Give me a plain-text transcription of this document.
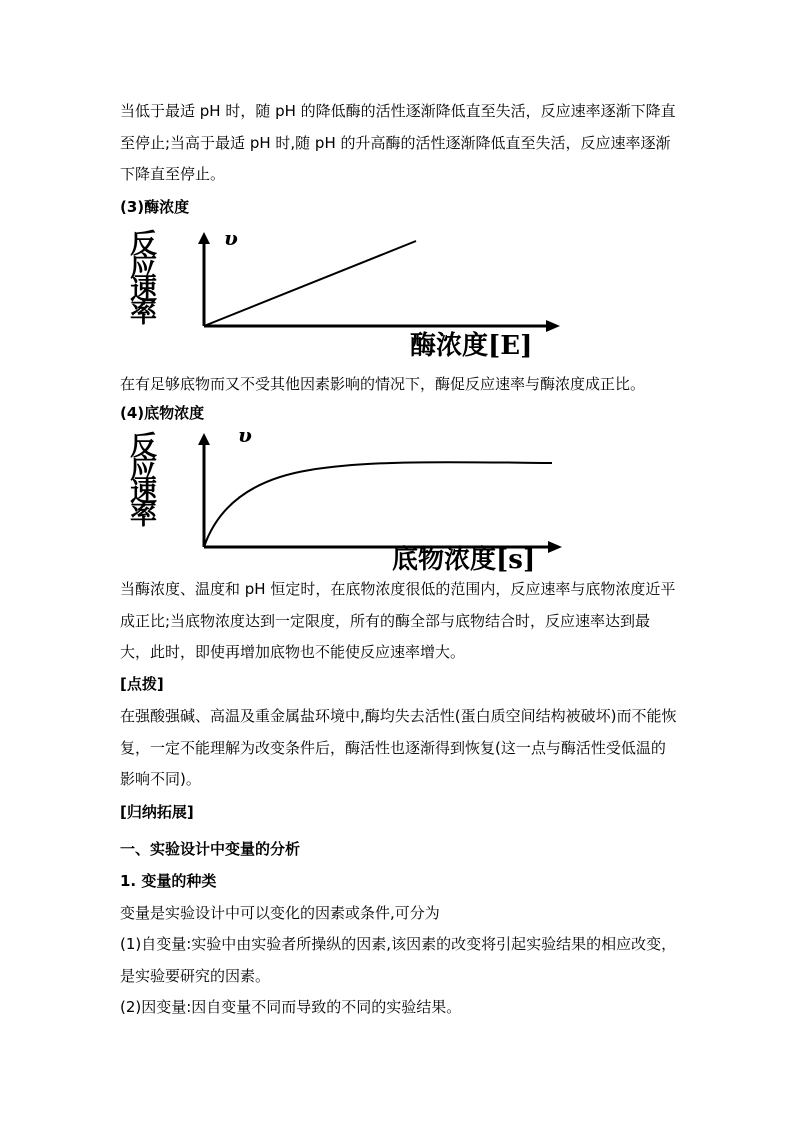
当低于最适 pH 时，随 pH 的降低酶的活性逐渐降低直至失活，反应速率逐渐下降直至停止;当高于最适 pH 时,随 pH 的升高酶的活性逐渐降低直至失活，反应速率逐渐下降直至停止。

(3)酶浓度

反
应
速
率
υ
酶浓度[E]

在有足够底物而又不受其他因素影响的情况下，酶促反应速率与酶浓度成正比。

(4)底物浓度

反
应
速
率
υ
底物浓度[s]

当酶浓度、温度和 pH 恒定时，在底物浓度很低的范围内，反应速率与底物浓度近平成正比;当底物浓度达到一定限度，所有的酶全部与底物结合时，反应速率达到最大，此时，即使再增加底物也不能使反应速率增大。

[点拨]

在强酸强碱、高温及重金属盐环境中,酶均失去活性(蛋白质空间结构被破坏)而不能恢复，一定不能理解为改变条件后，酶活性也逐渐得到恢复(这一点与酶活性受低温的影响不同)。

[归纳拓展]

一、实验设计中变量的分析

1. 变量的种类

变量是实验设计中可以变化的因素或条件,可分为

(1)自变量:实验中由实验者所操纵的因素,该因素的改变将引起实验结果的相应改变，是实验要研究的因素。

(2)因变量:因自变量不同而导致的不同的实验结果。
